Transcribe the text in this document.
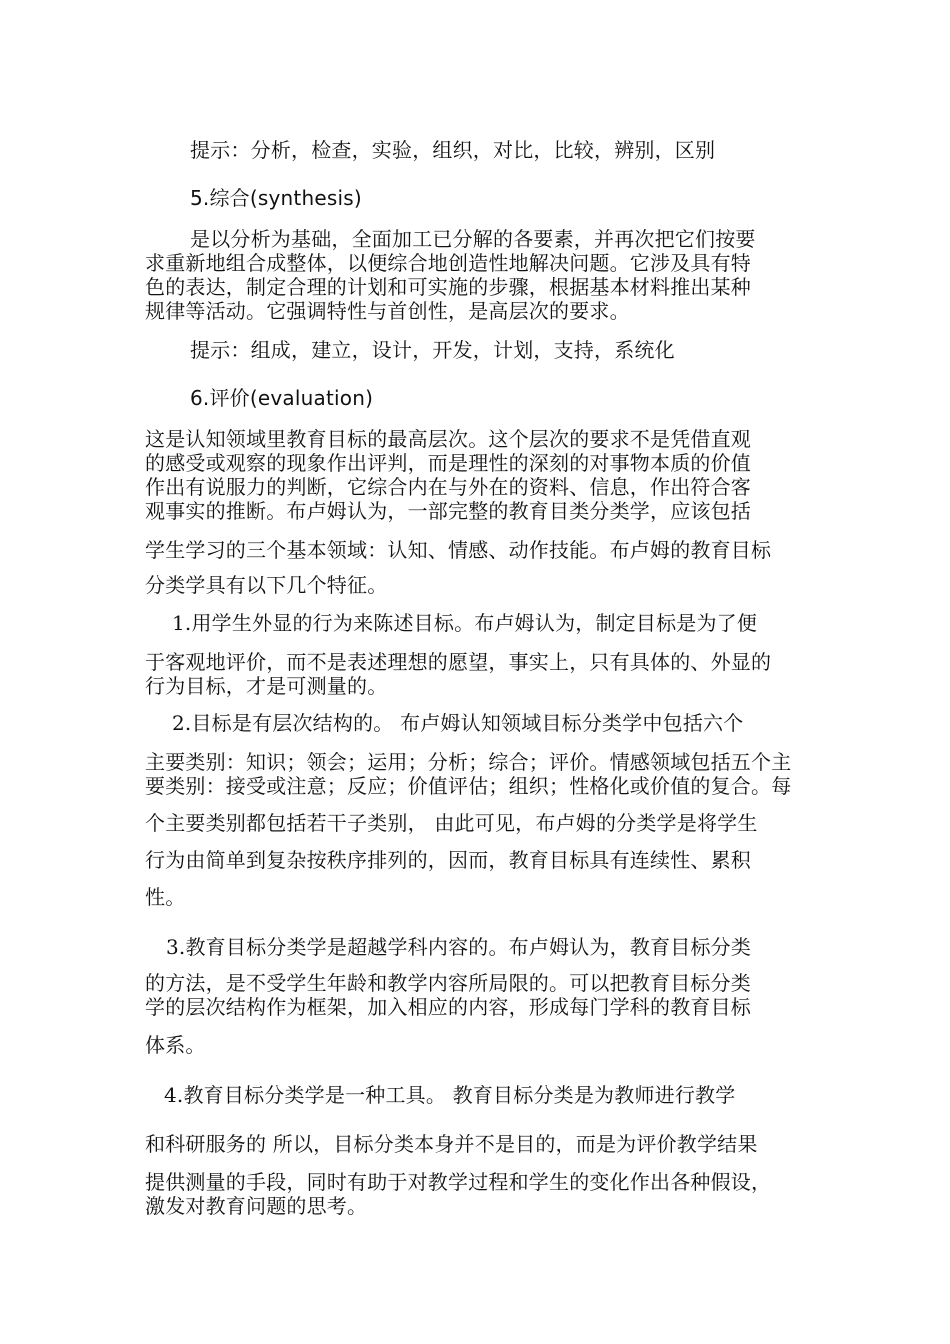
提示：分析，检查，实验，组织，对比，比较，辨别，区别
5.综合(synthesis)
是以分析为基础，全面加工已分解的各要素，并再次把它们按要
求重新地组合成整体，以便综合地创造性地解决问题。它涉及具有特
色的表达，制定合理的计划和可实施的步骤，根据基本材料推出某种
规律等活动。它强调特性与首创性，是高层次的要求。
提示：组成，建立，设计，开发，计划，支持，系统化
6.评价(evaluation)
这是认知领域里教育目标的最高层次。这个层次的要求不是凭借直观
的感受或观察的现象作出评判，而是理性的深刻的对事物本质的价值
作出有说服力的判断，它综合内在与外在的资料、信息，作出符合客
观事实的推断。布卢姆认为，一部完整的教育目类分类学，应该包括
学生学习的三个基本领域：认知、情感、动作技能。布卢姆的教育目标
分类学具有以下几个特征。
1.用学生外显的行为来陈述目标。布卢姆认为，制定目标是为了便
于客观地评价，而不是表述理想的愿望，事实上，只有具体的、外显的
行为目标，才是可测量的。
2.目标是有层次结构的。 布卢姆认知领域目标分类学中包括六个
主要类别：知识；领会；运用；分析；综合；评价。情感领域包括五个主
要类别：接受或注意；反应；价值评估；组织；性格化或价值的复合。每
个主要类别都包括若干子类别， 由此可见，布卢姆的分类学是将学生
行为由简单到复杂按秩序排列的，因而，教育目标具有连续性、累积
性。
3.教育目标分类学是超越学科内容的。布卢姆认为，教育目标分类
的方法，是不受学生年龄和教学内容所局限的。可以把教育目标分类
学的层次结构作为框架，加入相应的内容，形成每门学科的教育目标
体系。
4.教育目标分类学是一种工具。 教育目标分类是为教师进行教学
和科研服务的 所以，目标分类本身并不是目的，而是为评价教学结果
提供测量的手段，同时有助于对教学过程和学生的变化作出各种假设，
激发对教育问题的思考。
